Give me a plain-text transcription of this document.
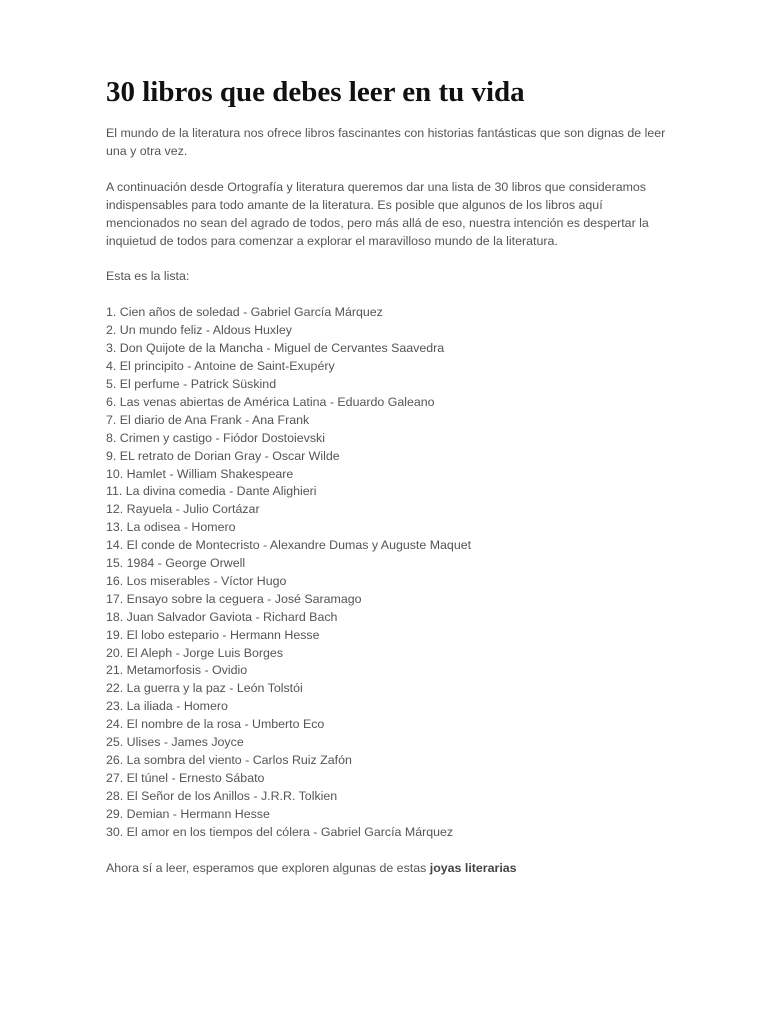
30 libros que debes leer en tu vida

El mundo de la literatura nos ofrece libros fascinantes con historias fantásticas que son dignas de leer una y otra vez.

A continuación desde Ortografía y literatura queremos dar una lista de 30 libros que consideramos indispensables para todo amante de la literatura. Es posible que algunos de los libros aquí mencionados no sean del agrado de todos, pero más allá de eso, nuestra intención es despertar la inquietud de todos para comenzar a explorar el maravilloso mundo de la literatura.

Esta es la lista:

1. Cien años de soledad - Gabriel García Márquez
2. Un mundo feliz - Aldous Huxley
3. Don Quijote de la Mancha - Miguel de Cervantes Saavedra
4. El principito - Antoine de Saint-Exupéry
5. El perfume - Patrick Süskind
6. Las venas abiertas de América Latina - Eduardo Galeano
7. El diario de Ana Frank - Ana Frank
8. Crimen y castigo - Fiódor Dostoievski
9. EL retrato de Dorian Gray - Oscar Wilde
10. Hamlet - William Shakespeare
11. La divina comedia - Dante Alighieri
12. Rayuela - Julio Cortázar
13. La odisea - Homero
14. El conde de Montecristo - Alexandre Dumas y Auguste Maquet
15. 1984 - George Orwell
16. Los miserables - Víctor Hugo
17. Ensayo sobre la ceguera - José Saramago
18. Juan Salvador Gaviota - Richard Bach
19. El lobo estepario - Hermann Hesse
20. El Aleph - Jorge Luis Borges
21. Metamorfosis - Ovidio
22. La guerra y la paz - León Tolstói
23. La iliada - Homero
24. El nombre de la rosa - Umberto Eco
25. Ulises - James Joyce
26. La sombra del viento - Carlos Ruiz Zafón
27. El túnel - Ernesto Sábato
28. El Señor de los Anillos - J.R.R. Tolkien
29. Demian - Hermann Hesse
30. El amor en los tiempos del cólera - Gabriel García Márquez

Ahora sí a leer, esperamos que exploren algunas de estas joyas literarias
